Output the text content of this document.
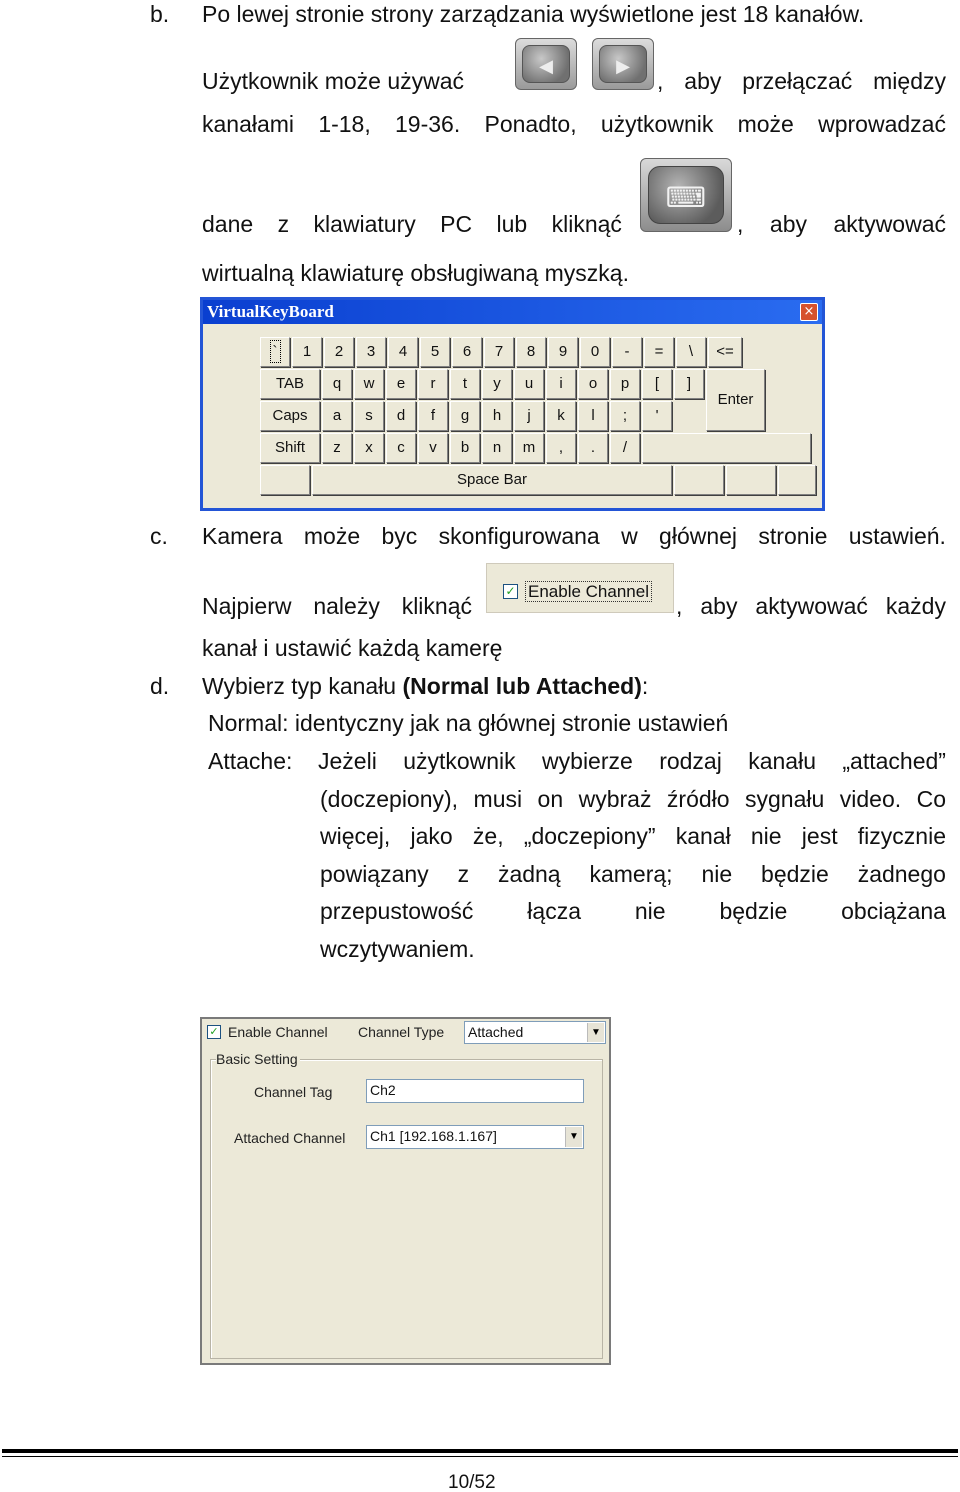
b. Po lewej stronie strony zarządzania wyświetlone jest 18 kanałów.
Użytkownik może używać
◀	▶
, aby przełączać między
kanałami 1-18, 19-36. Ponadto, użytkownik może wprowadzać
dane z klawiatury PC lub kliknąć
⌨
, aby aktywować
wirtualną klawiaturę obsługiwaną myszką.
VirtualKeyBoard	×
`	1	2	3	4	5	6	7	8	9	0	-	=	\	<=
TAB	q	w	e	r	t	y	u	i	o	p	[	]
Enter
Caps	a	s	d	f	g	h	j	k	l	;	'
Shift	z	x	c	v	b	n	m	,	.	/
Space Bar
c. Kamera może byc skonfigurowana w głównej stronie ustawień.
Najpierw należy kliknąć
✓ Enable Channel
, aby aktywować każdy
kanał i ustawić każdą kamerę
d. Wybierz typ kanału (Normal lub Attached):
Normal: identyczny jak na głównej stronie ustawień
Attache: Jeżeli użytkownik wybierze rodzaj kanału „attached”
(doczepiony), musi on wybraż źródło sygnału video. Co
więcej, jako że, „doczepiony” kanał nie jest fizycznie
powiązany z żadną kamerą; nie będzie żadnego
przepustowość łącza nie będzie obciążana
wczytywaniem.
✓ Enable Channel Channel Type Attached	▼
Basic Setting
Channel Tag	Ch2
Attached Channel Ch1 [192.168.1.167]	▼
10/52
